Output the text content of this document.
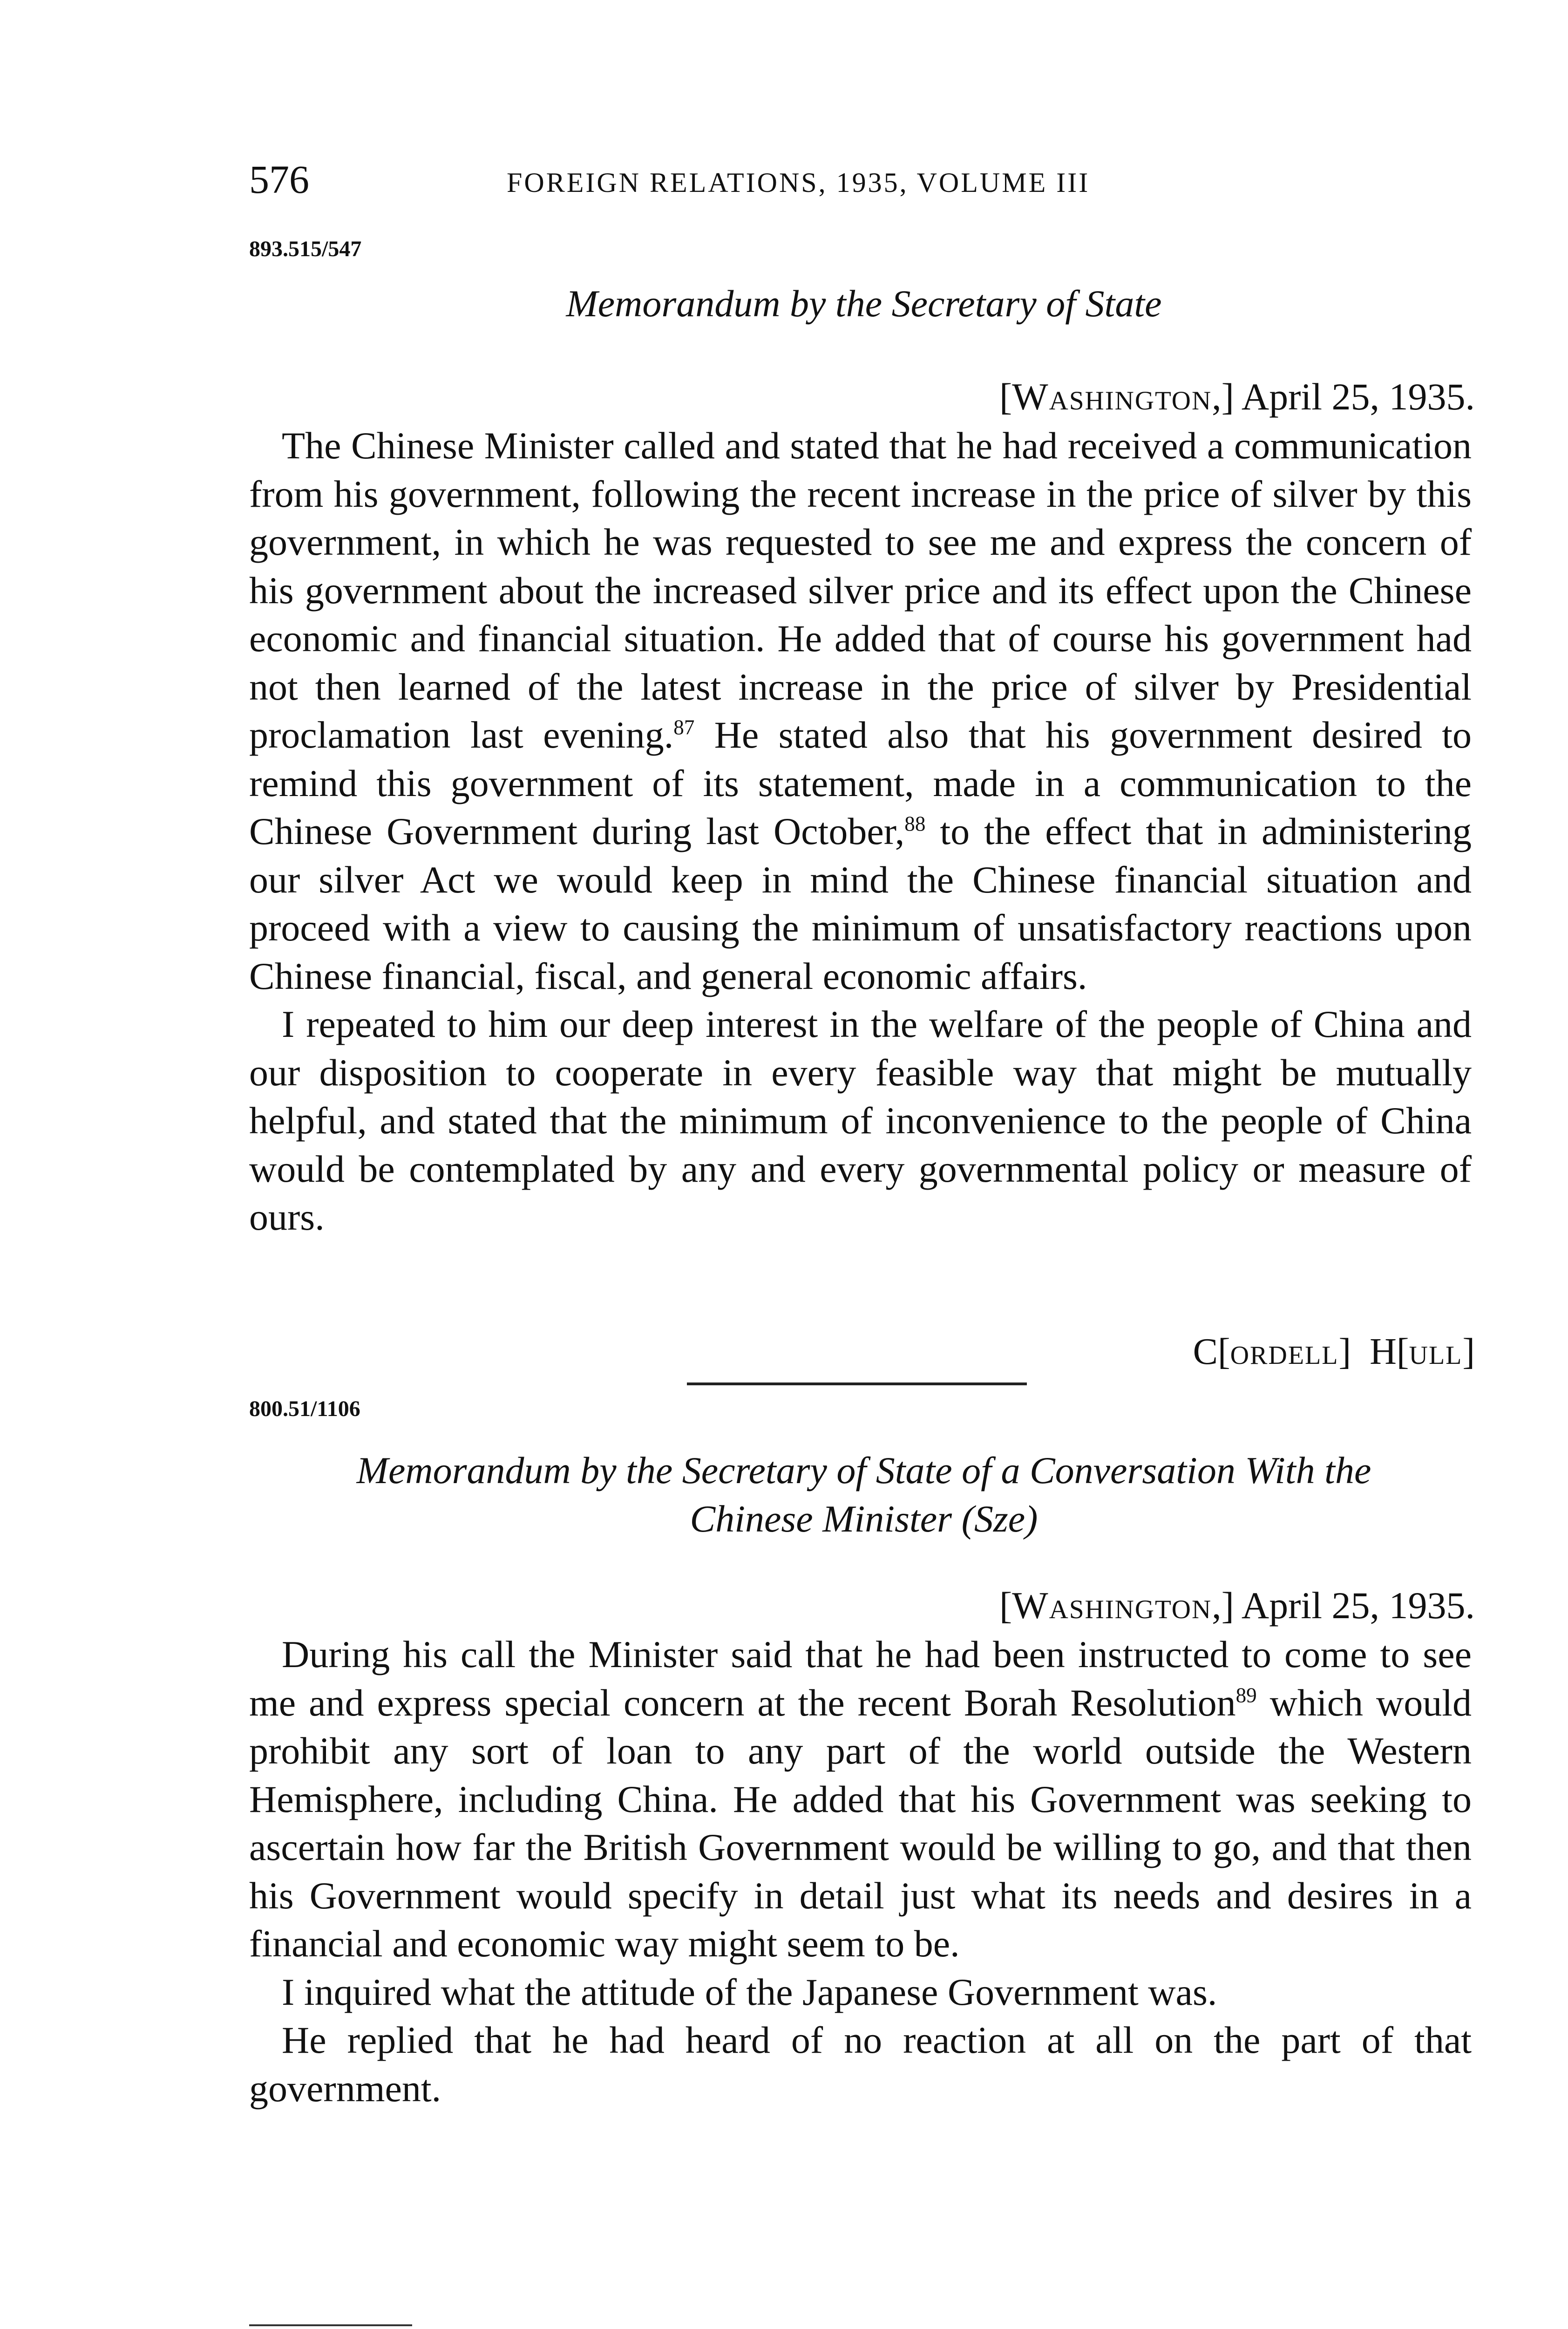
576	FOREIGN RELATIONS, 1935, VOLUME III
893.515/547
Memorandum by the Secretary of State
[Washington,] April 25, 1935.

The Chinese Minister called and stated that he had received a communication from his government, following the recent increase in the price of silver by this government, in which he was requested to see me and express the concern of his government about the increased silver price and its effect upon the Chinese economic and financial situation. He added that of course his government had not then learned of the latest increase in the price of silver by Presidential proclamation last evening.$^{87}$ He stated also that his government desired to remind this government of its statement, made in a communication to the Chinese Government during last October,$^{88}$ to the effect that in administering our silver Act we would keep in mind the Chinese financial situation and proceed with a view to causing the minimum of unsatisfactory reactions upon Chinese financial, fiscal, and general economic affairs.

I repeated to him our deep interest in the welfare of the people of China and our disposition to cooperate in every feasible way that might be mutually helpful, and stated that the minimum of inconvenience to the people of China would be contemplated by any and every governmental policy or measure of ours.

C[ordell] H[ull]
800.51/1106
Memorandum by the Secretary of State of a Conversation With the
Chinese Minister (Sze)
[Washington,] April 25, 1935.

During his call the Minister said that he had been instructed to come to see me and express special concern at the recent Borah Resolution$^{89}$ which would prohibit any sort of loan to any part of the world outside the Western Hemisphere, including China. He added that his Government was seeking to ascertain how far the British Government would be willing to go, and that then his Government would specify in detail just what its needs and desires in a financial and economic way might seem to be.

I inquired what the attitude of the Japanese Government was.

He replied that he had heard of no reaction at all on the part of that government.
